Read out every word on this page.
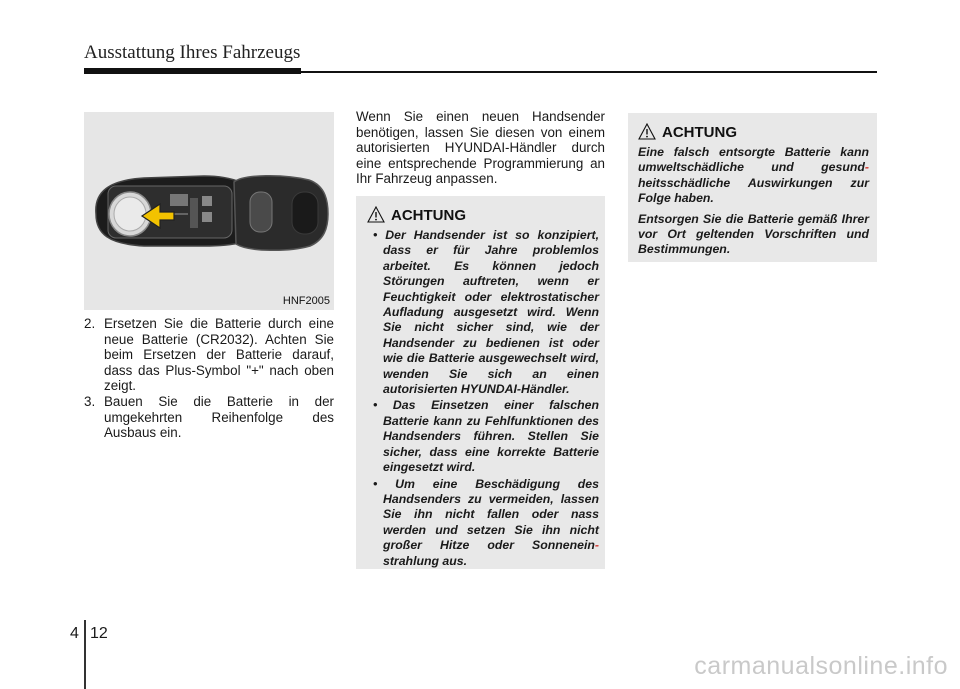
Ausstattung Ihres Fahrzeugs
HNF2005
2. Ersetzen Sie die Batterie durch eine neue Batterie (CR2032). Achten Sie beim Ersetzen der Batterie darauf, dass das Plus-Symbol "+" nach oben zeigt.
3. Bauen Sie die Batterie in der umgekehrten Reihenfolge des Ausbaus ein.

Wenn Sie einen neuen Handsender benötigen, lassen Sie diesen von einem autorisierten HYUNDAI-Händler durch eine entsprechende Programmierung an Ihr Fahrzeug anpassen.

ACHTUNG
• Der Handsender ist so konzipiert, dass er für Jahre problemlos arbeitet. Es können jedoch Störungen auftreten, wenn er Feuchtigkeit oder elektrostatischer Aufladung ausgesetzt wird. Wenn Sie nicht sicher sind, wie der Handsender zu bedienen ist oder wie die Batterie ausgewechselt wird, wenden Sie sich an einen autorisierten HYUNDAI-Händler.
• Das Einsetzen einer falschen Batterie kann zu Fehlfunktionen des Handsenders führen. Stellen Sie sicher, dass eine korrekte Batterie eingesetzt wird.
• Um eine Beschädigung des Handsenders zu vermeiden, lassen Sie ihn nicht fallen oder nass werden und setzen Sie ihn nicht großer Hitze oder Sonnenein- strahlung aus.
ACHTUNG

Eine falsch entsorgte Batterie kann umweltschädliche und gesund- heitsschädliche Auswirkungen zur Folge haben.

Entsorgen Sie die Batterie gemäß Ihrer vor Ort geltenden Vorschriften und Bestimmungen.

4 12
carmanualsonline.info
